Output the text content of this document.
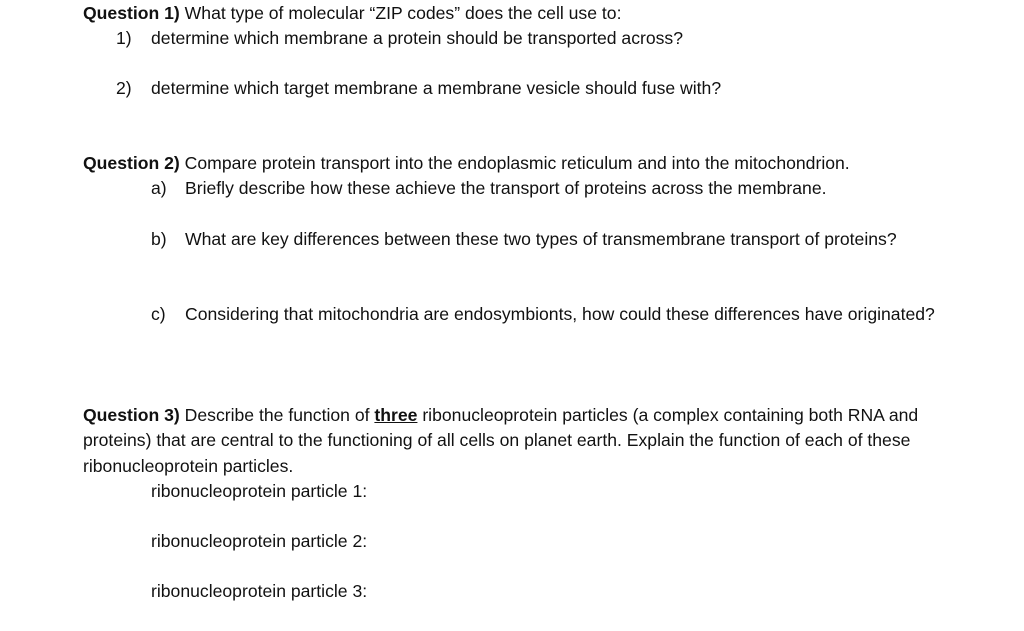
Question 1) What type of molecular “ZIP codes” does the cell use to:

1) determine which membrane a protein should be transported across?
2) determine which target membrane a membrane vesicle should fuse with?

Question 2) Compare protein transport into the endoplasmic reticulum and into the mitochondrion.

a) Briefly describe how these achieve the transport of proteins across the membrane.
b) What are key differences between these two types of transmembrane transport of proteins?
c) Considering that mitochondria are endosymbionts, how could these differences have originated?

Question 3) Describe the function of three ribonucleoprotein particles (a complex containing both RNA and proteins) that are central to the functioning of all cells on planet earth. Explain the function of each of these ribonucleoprotein particles.

ribonucleoprotein particle 1:

ribonucleoprotein particle 2:

ribonucleoprotein particle 3:
